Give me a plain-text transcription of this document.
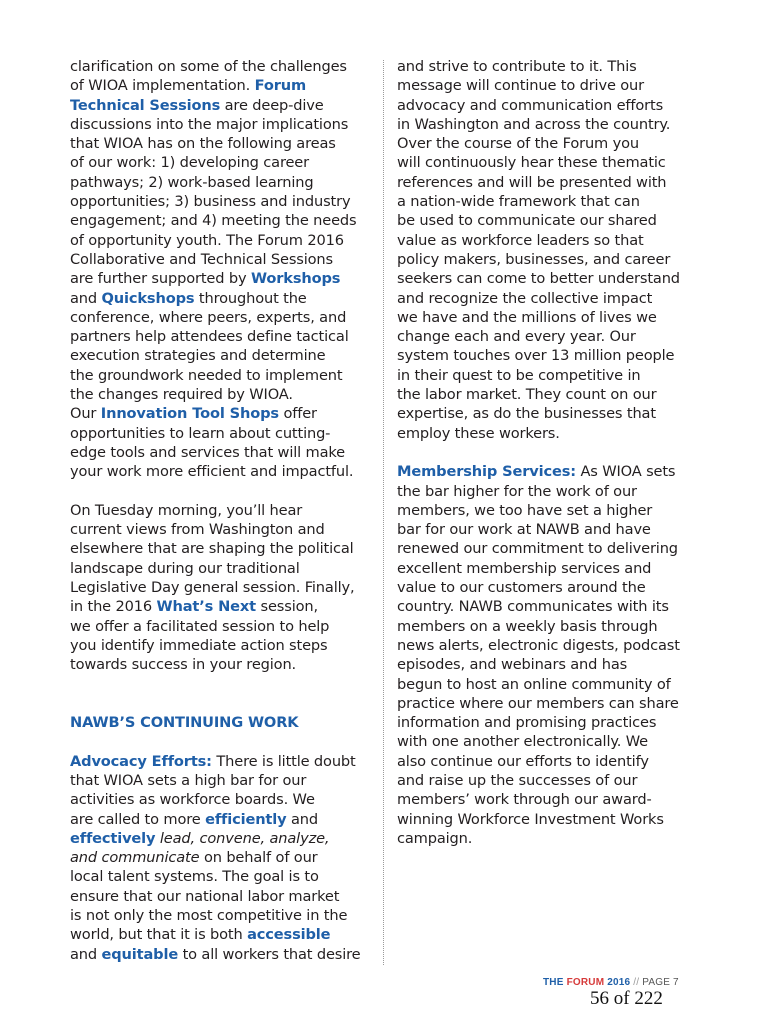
clarification on some of the challenges
of WIOA implementation. Forum
Technical Sessions are deep-dive
discussions into the major implications
that WIOA has on the following areas
of our work: 1) developing career
pathways; 2) work-based learning
opportunities; 3) business and industry
engagement; and 4) meeting the needs
of opportunity youth. The Forum 2016
Collaborative and Technical Sessions
are further supported by Workshops
and Quickshops throughout the
conference, where peers, experts, and
partners help attendees define tactical
execution strategies and determine
the groundwork needed to implement
the changes required by WIOA.
Our Innovation Tool Shops offer
opportunities to learn about cutting-
edge tools and services that will make
your work more efficient and impactful.
On Tuesday morning, you’ll hear
current views from Washington and
elsewhere that are shaping the political
landscape during our traditional
Legislative Day general session. Finally,
in the 2016 What’s Next session,
we offer a facilitated session to help
you identify immediate action steps
towards success in your region.
NAWB’S CONTINUING WORK
Advocacy Efforts: There is little doubt
that WIOA sets a high bar for our
activities as workforce boards. We
are called to more efficiently and
effectively lead, convene, analyze,
and communicate on behalf of our
local talent systems. The goal is to
ensure that our national labor market
is not only the most competitive in the
world, but that it is both accessible
and equitable to all workers that desire
and strive to contribute to it. This
message will continue to drive our
advocacy and communication efforts
in Washington and across the country.
Over the course of the Forum you
will continuously hear these thematic
references and will be presented with
a nation-wide framework that can
be used to communicate our shared
value as workforce leaders so that
policy makers, businesses, and career
seekers can come to better understand
and recognize the collective impact
we have and the millions of lives we
change each and every year. Our
system touches over 13 million people
in their quest to be competitive in
the labor market. They count on our
expertise, as do the businesses that
employ these workers.
Membership Services: As WIOA sets
the bar higher for the work of our
members, we too have set a higher
bar for our work at NAWB and have
renewed our commitment to delivering
excellent membership services and
value to our customers around the
country. NAWB communicates with its
members on a weekly basis through
news alerts, electronic digests, podcast
episodes, and webinars and has
begun to host an online community of
practice where our members can share
information and promising practices
with one another electronically. We
also continue our efforts to identify
and raise up the successes of our
members’ work through our award-
winning Workforce Investment Works
campaign.
THE FORUM 2016 // PAGE 7
56 of 222
